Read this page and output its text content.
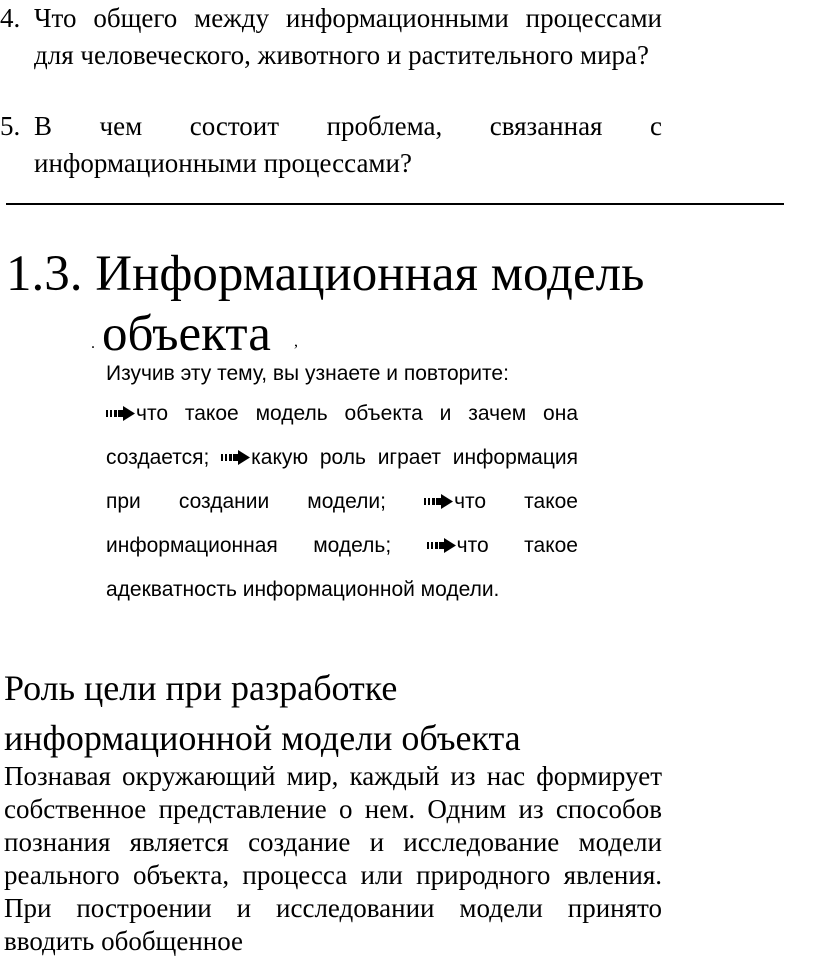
4. Что общего между информационными процессами для человеческого, животного и растительного мира?
5. В чем состоит проблема, связанная с информационными процессами?
1.3. Информационная модель
объекта
.	,

Изучив эту тему, вы узнаете и повторите:

что такое модель объекта и зачем она создается; какую роль играет информация при создании модели;	что такое информационная модель;	что такое адекватность информационной модели.

Роль цели при разработке
информационной модели объекта
Познавая окружающий мир, каждый из нас формирует собственное представление о нем. Одним из способов познания является создание и исследование модели реального объекта, процесса или природного явления. При построении и исследовании модели принято вводить обобщенное
